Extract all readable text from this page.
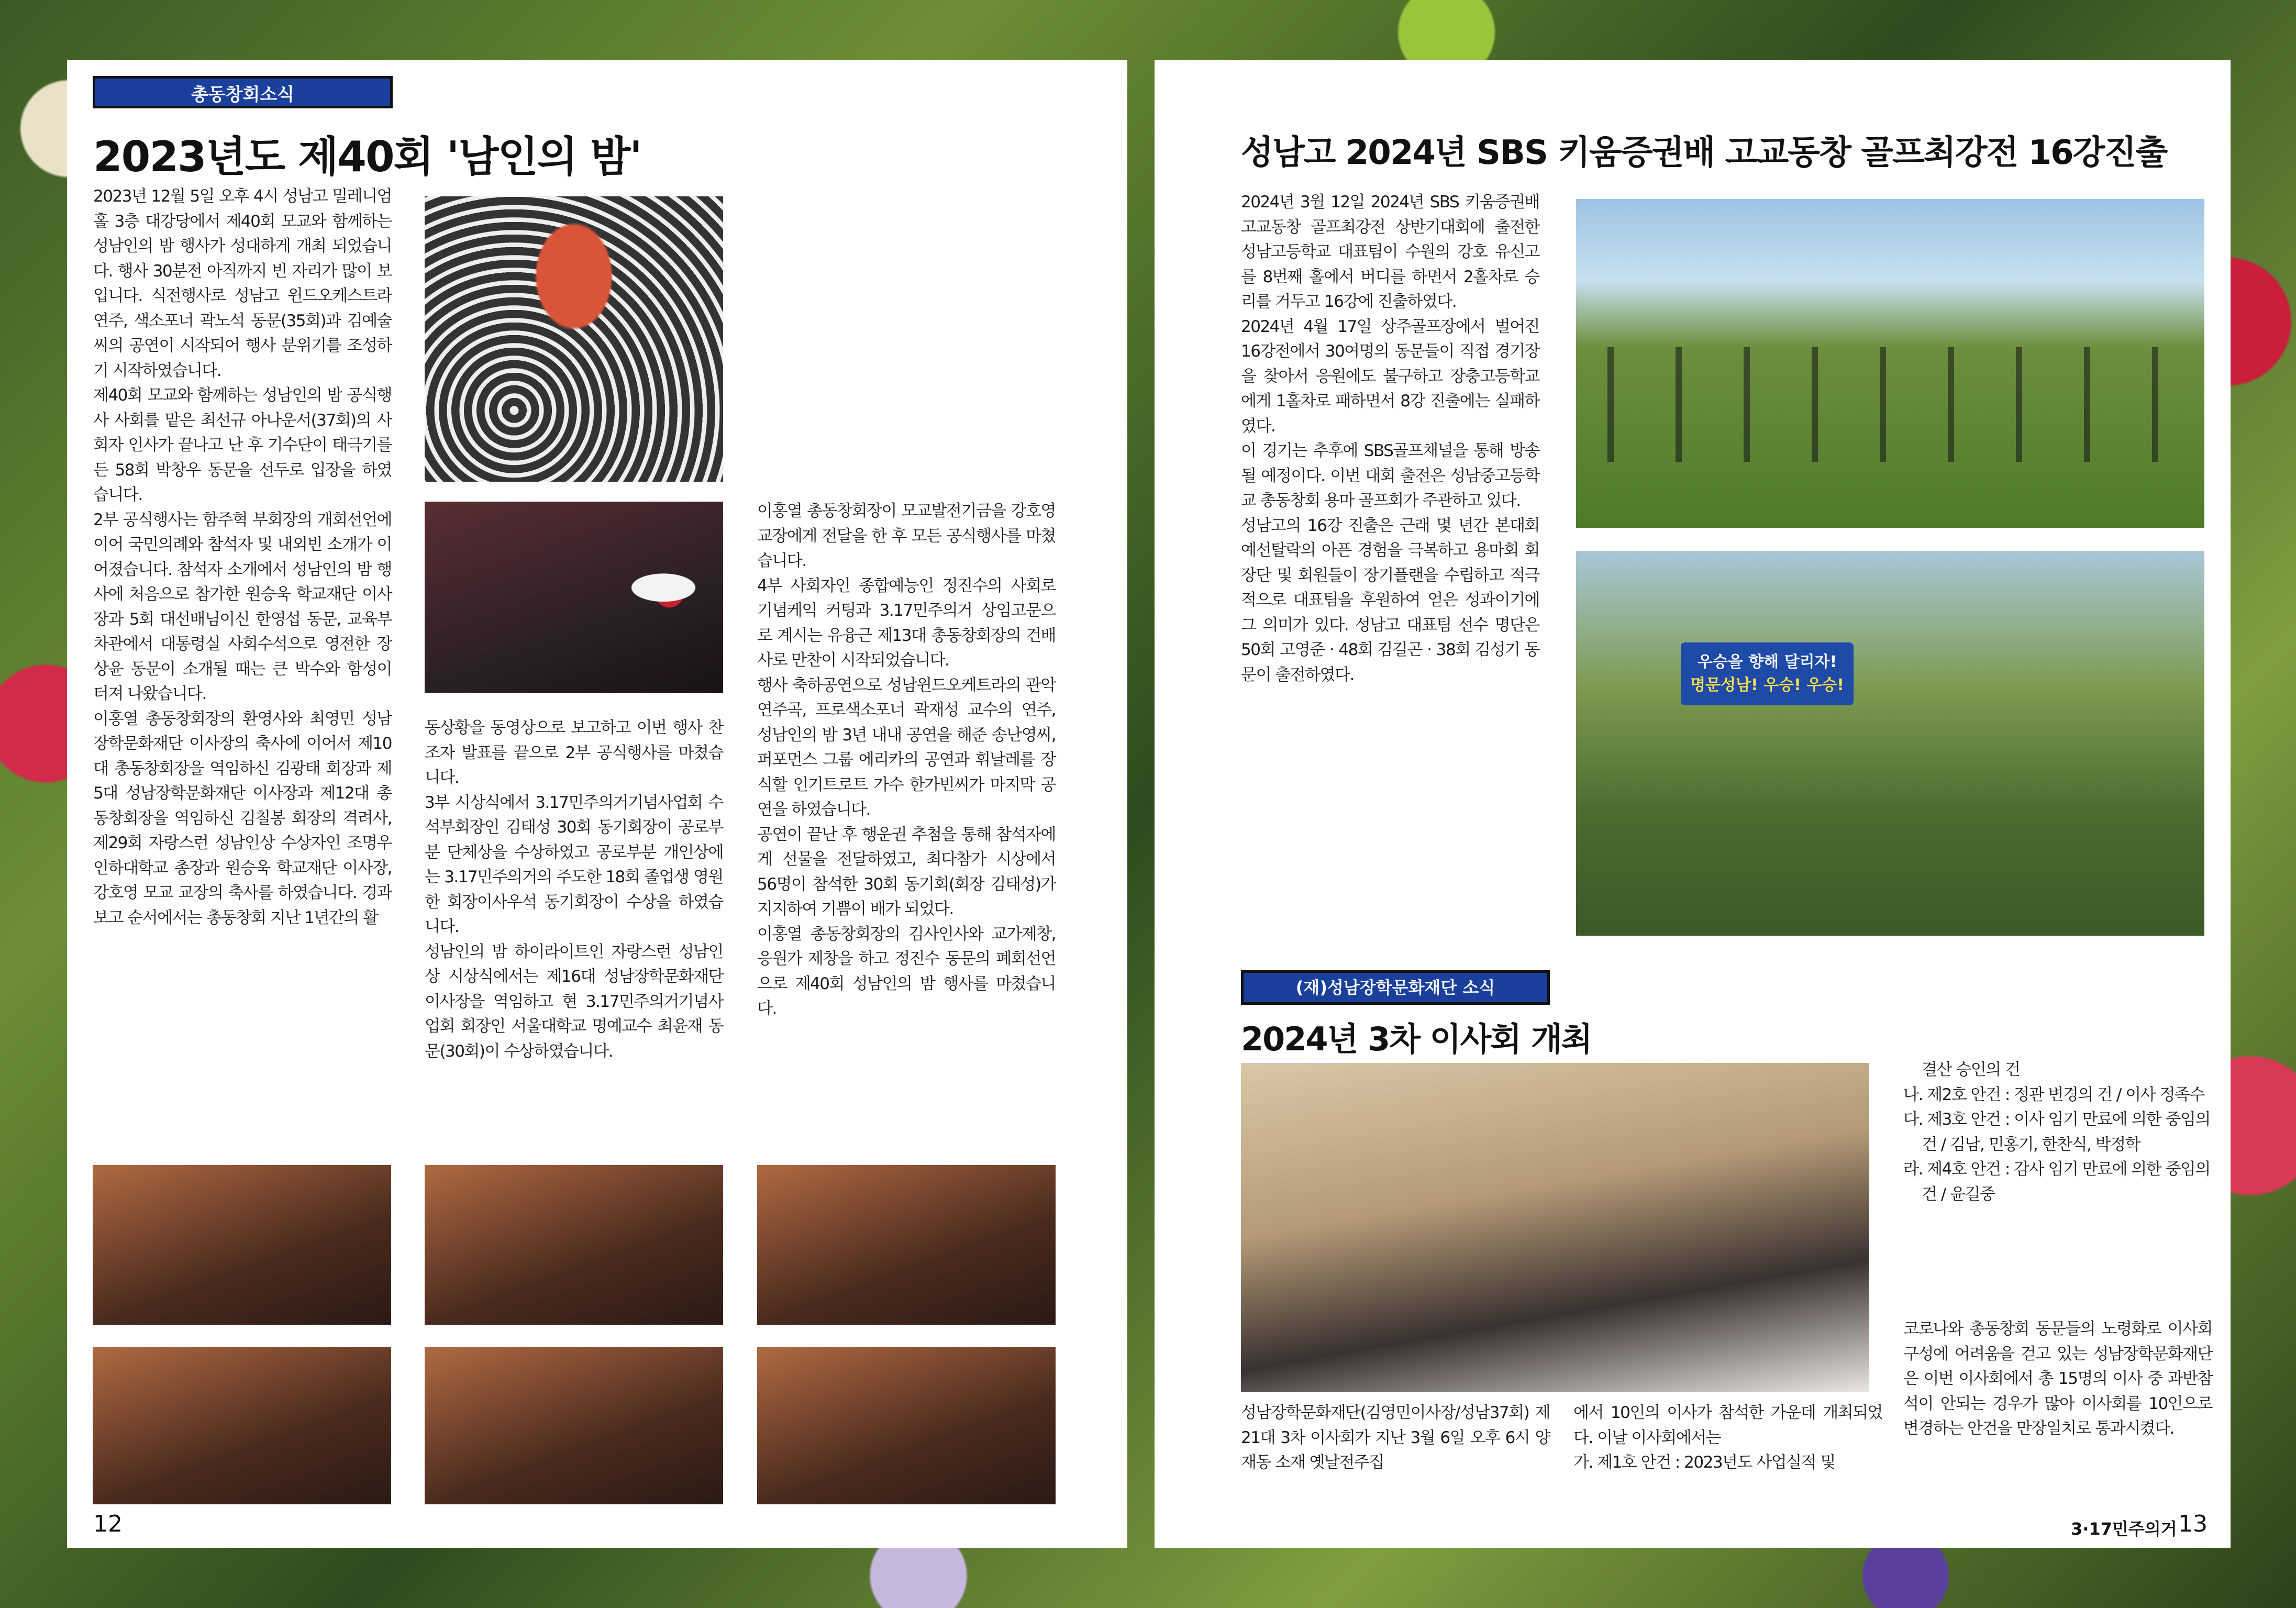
총동창회소식
2023년도 제40회 '남인의 밤'
2023년 12월 5일 오후 4시 성남고 밀레니엄홀 3층 대강당에서 제40회 모교와 함께하는 성남인의 밤 행사가 성대하게 개최 되었습니다. 행사 30분전 아직까지 빈 자리가 많이 보입니다. 식전행사로 성남고 윈드오케스트라 연주, 색소포너 곽노석 동문(35회)과 김예술씨의 공연이 시작되어 행사 분위기를 조성하기 시작하였습니다.
제40회 모교와 함께하는 성남인의 밤 공식행사 사회를 맡은 최선규 아나운서(37회)의 사회자 인사가 끝나고 난 후 기수단이 태극기를 든 58회 박창우 동문을 선두로 입장을 하였습니다.
2부 공식행사는 함주혁 부회장의 개회선언에 이어 국민의례와 참석자 및 내외빈 소개가 이어졌습니다. 참석자 소개에서 성남인의 밤 행사에 처음으로 참가한 원승욱 학교재단 이사장과 5회 대선배님이신 한영섭 동문, 교육부 차관에서 대통령실 사회수석으로 영전한 장상윤 동문이 소개될 때는 큰 박수와 함성이 터져 나왔습니다.
이홍열 총동창회장의 환영사와 최영민 성남장학문화재단 이사장의 축사에 이어서 제10대 총동창회장을 역임하신 김광태 회장과 제5대 성남장학문화재단 이사장과 제12대 총동창회장을 역임하신 김칠봉 회장의 격려사, 제29회 자랑스런 성남인상 수상자인 조명우 인하대학교 총장과 원승욱 학교재단 이사장, 강호영 모교 교장의 축사를 하였습니다. 경과보고 순서에서는 총동창회 지난 1년간의 활
동상황을 동영상으로 보고하고 이번 행사 찬조자 발표를 끝으로 2부 공식행사를 마쳤습니다.
3부 시상식에서 3.17민주의거기념사업회 수석부회장인 김태성 30회 동기회장이 공로부분 단체상을 수상하였고 공로부분 개인상에는 3.17민주의거의 주도한 18회 졸업생 영원한 회장이사우석 동기회장이 수상을 하였습니다.
성남인의 밤 하이라이트인 자랑스런 성남인상 시상식에서는 제16대 성남장학문화재단 이사장을 역임하고 현 3.17민주의거기념사업회 회장인 서울대학교 명예교수 최윤재 동문(30회)이 수상하였습니다.
이홍열 총동창회장이 모교발전기금을 강호영 교장에게 전달을 한 후 모든 공식행사를 마쳤습니다.
4부 사회자인 종합예능인 정진수의 사회로 기념케익 커팅과 3.17민주의거 상임고문으로 계시는 유융근 제13대 총동창회장의 건배사로 만찬이 시작되었습니다.
행사 축하공연으로 성남윈드오케트라의 관악 연주곡, 프로색소포너 곽재성 교수의 연주, 성남인의 밤 3년 내내 공연을 해준 송난영씨, 퍼포먼스 그룹 에리카의 공연과 휘날레를 장식할 인기트로트 가수 한가빈씨가 마지막 공연을 하였습니다.
공연이 끝난 후 행운권 추첨을 통해 참석자에게 선물을 전달하였고, 최다참가 시상에서 56명이 참석한 30회 동기회(회장 김태성)가 지지하여 기쁨이 배가 되었다.
이홍열 총동창회장의 김사인사와 교가제창, 응원가 제창을 하고 정진수 동문의 폐회선언으로 제40회 성남인의 밤 행사를 마쳤습니다.
12
성남고 2024년 SBS 키움증권배 고교동창 골프최강전 16강진출
2024년 3월 12일 2024년 SBS 키움증권배 고교동창 골프최강전 상반기대회에 출전한 성남고등학교 대표팀이 수원의 강호 유신고를 8번째 홀에서 버디를 하면서 2홀차로 승리를 거두고 16강에 진출하였다.
2024년 4월 17일 상주골프장에서 벌어진 16강전에서 30여명의 동문들이 직접 경기장을 찾아서 응원에도 불구하고 장충고등학교에게 1홀차로 패하면서 8강 진출에는 실패하였다.
이 경기는 추후에 SBS골프채널을 통해 방송될 예정이다. 이번 대회 출전은 성남중고등학교 총동창회 용마 골프회가 주관하고 있다.
성남고의 16강 진출은 근래 몇 년간 본대회 예선탈락의 아픈 경험을 극복하고 용마회 회장단 및 회원들이 장기플랜을 수립하고 적극적으로 대표팀을 후원하여 얻은 성과이기에 그 의미가 있다. 성남고 대표팀 선수 명단은 50회 고영준 · 48회 김길곤 · 38회 김성기 동문이 출전하였다.
우승을 향해 달리자!
명문성남! 우승! 우승!
(재)성남장학문화재단 소식
2024년 3차 이사회 개최
성남장학문화재단(김영민이사장/성남37회) 제21대 3차 이사회가 지난 3월 6일 오후 6시 양재동 소재 옛날전주집
에서 10인의 이사가 참석한 가운데 개최되었다. 이날 이사회에서는
가. 제1호 안건 : 2023년도 사업실적 및
결산 승인의 건
나. 제2호 안건 : 정관 변경의 건 / 이사 정족수
다. 제3호 안건 : 이사 임기 만료에 의한 중임의 건 / 김남, 민홍기, 한찬식, 박정학
라. 제4호 안건 : 감사 임기 만료에 의한 중임의 건 / 윤길중
코로나와 총동창회 동문들의 노령화로 이사회 구성에 어려움을 걷고 있는 성남장학문화재단은 이번 이사회에서 총 15명의 이사 중 과반참석이 안되는 경우가 많아 이사회를 10인으로 변경하는 안건을 만장일치로 통과시켰다.
3·17민주의거 13
